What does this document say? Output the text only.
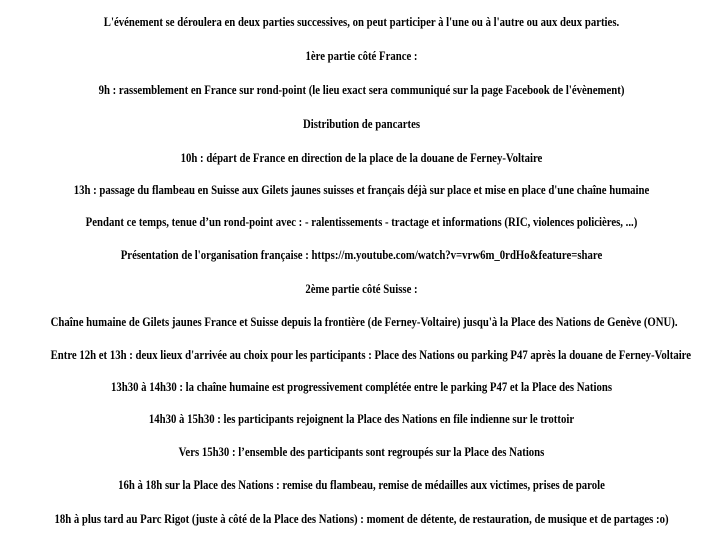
L'événement se déroulera en deux parties successives, on peut participer à l'une ou à l'autre ou aux deux parties.
1ère partie côté France :
9h : rassemblement en France sur rond-point (le lieu exact sera communiqué sur la page Facebook de l'évènement)
Distribution de pancartes
10h : départ de France en direction de la place de la douane de Ferney-Voltaire
13h : passage du flambeau en Suisse aux Gilets jaunes suisses et français déjà sur place et mise en place d'une chaîne humaine
Pendant ce temps, tenue d’un rond-point avec : - ralentissements - tractage et informations (RIC, violences policières, ...)
Présentation de l'organisation française : https://m.youtube.com/watch?v=vrw6m_0rdHo&feature=share
2ème partie côté Suisse :
Chaîne humaine de Gilets jaunes France et Suisse depuis la frontière (de Ferney-Voltaire) jusqu'à la Place des Nations de Genève (ONU).
Entre 12h et 13h : deux lieux d'arrivée au choix pour les participants : Place des Nations ou parking P47 après la douane de Ferney-Voltaire
13h30 à 14h30 : la chaîne humaine est progressivement complétée entre le parking P47 et la Place des Nations
14h30 à 15h30 : les participants rejoignent la Place des Nations en file indienne sur le trottoir
Vers 15h30 : l’ensemble des participants sont regroupés sur la Place des Nations
16h à 18h sur la Place des Nations : remise du flambeau, remise de médailles aux victimes, prises de parole
18h à plus tard au Parc Rigot (juste à côté de la Place des Nations) : moment de détente, de restauration, de musique et de partages :o)
